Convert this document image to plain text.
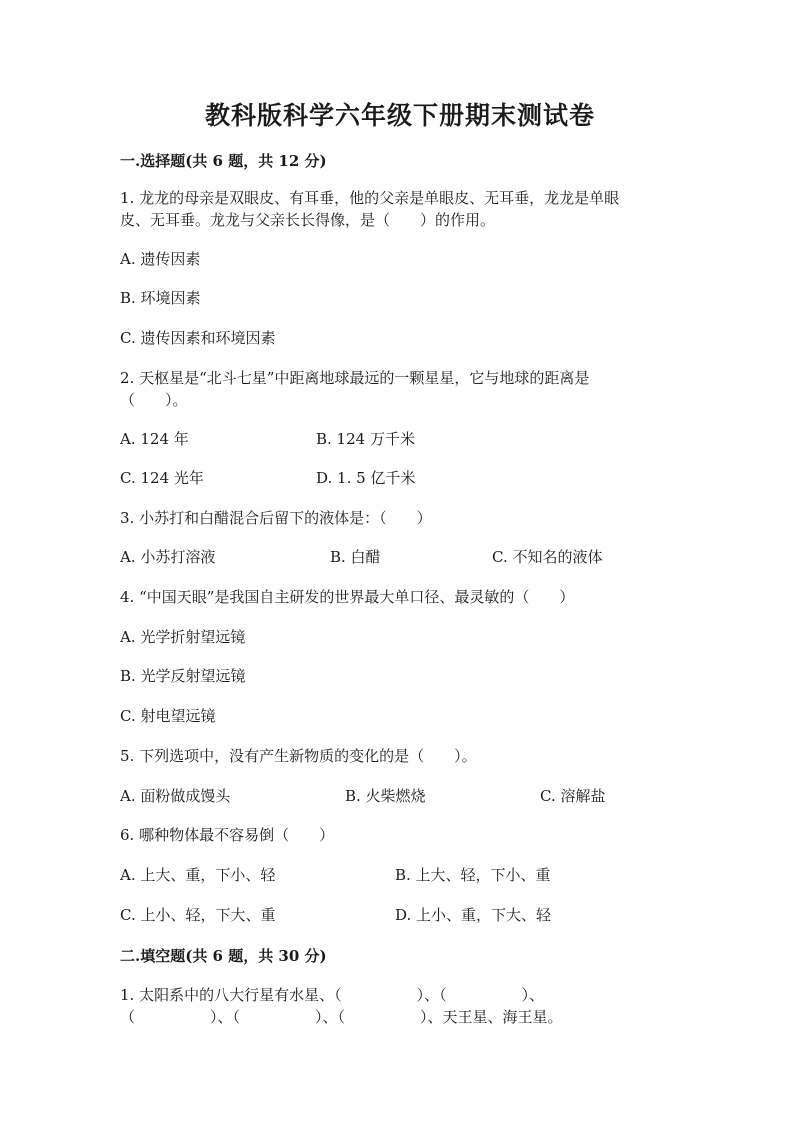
教科版科学六年级下册期末测试卷
一.选择题(共 6 题，共 12 分)

1. 龙龙的母亲是双眼皮、有耳垂，他的父亲是单眼皮、无耳垂，龙龙是单眼

皮、无耳垂。龙龙与父亲长长得像，是（　　）的作用。

A. 遗传因素
B. 环境因素
C. 遗传因素和环境因素

2. 天枢星是“北斗七星”中距离地球最远的一颗星星，它与地球的距离是

（　　）。

A. 124 年	B. 124 万千米
C. 124 光年	D. 1. 5 亿千米

3. 小苏打和白醋混合后留下的液体是：（　　）

A. 小苏打溶液	B. 白醋	C. 不知名的液体

4. “中国天眼”是我国自主研发的世界最大单口径、最灵敏的（　　）

A. 光学折射望远镜
B. 光学反射望远镜
C. 射电望远镜

5. 下列选项中，没有产生新物质的变化的是（　　）。

A. 面粉做成馒头	B. 火柴燃烧	C. 溶解盐

6. 哪种物体最不容易倒（　　）

A. 上大、重，下小、轻	B. 上大、轻，下小、重
C. 上小、轻，下大、重	D. 上小、重，下大、轻
二.填空题(共 6 题，共 30 分)

1. 太阳系中的八大行星有水星、（　　　　　）、（　　　　　）、

（　　　　　）、（　　　　　）、（　　　　　）、天王星、海王星。
